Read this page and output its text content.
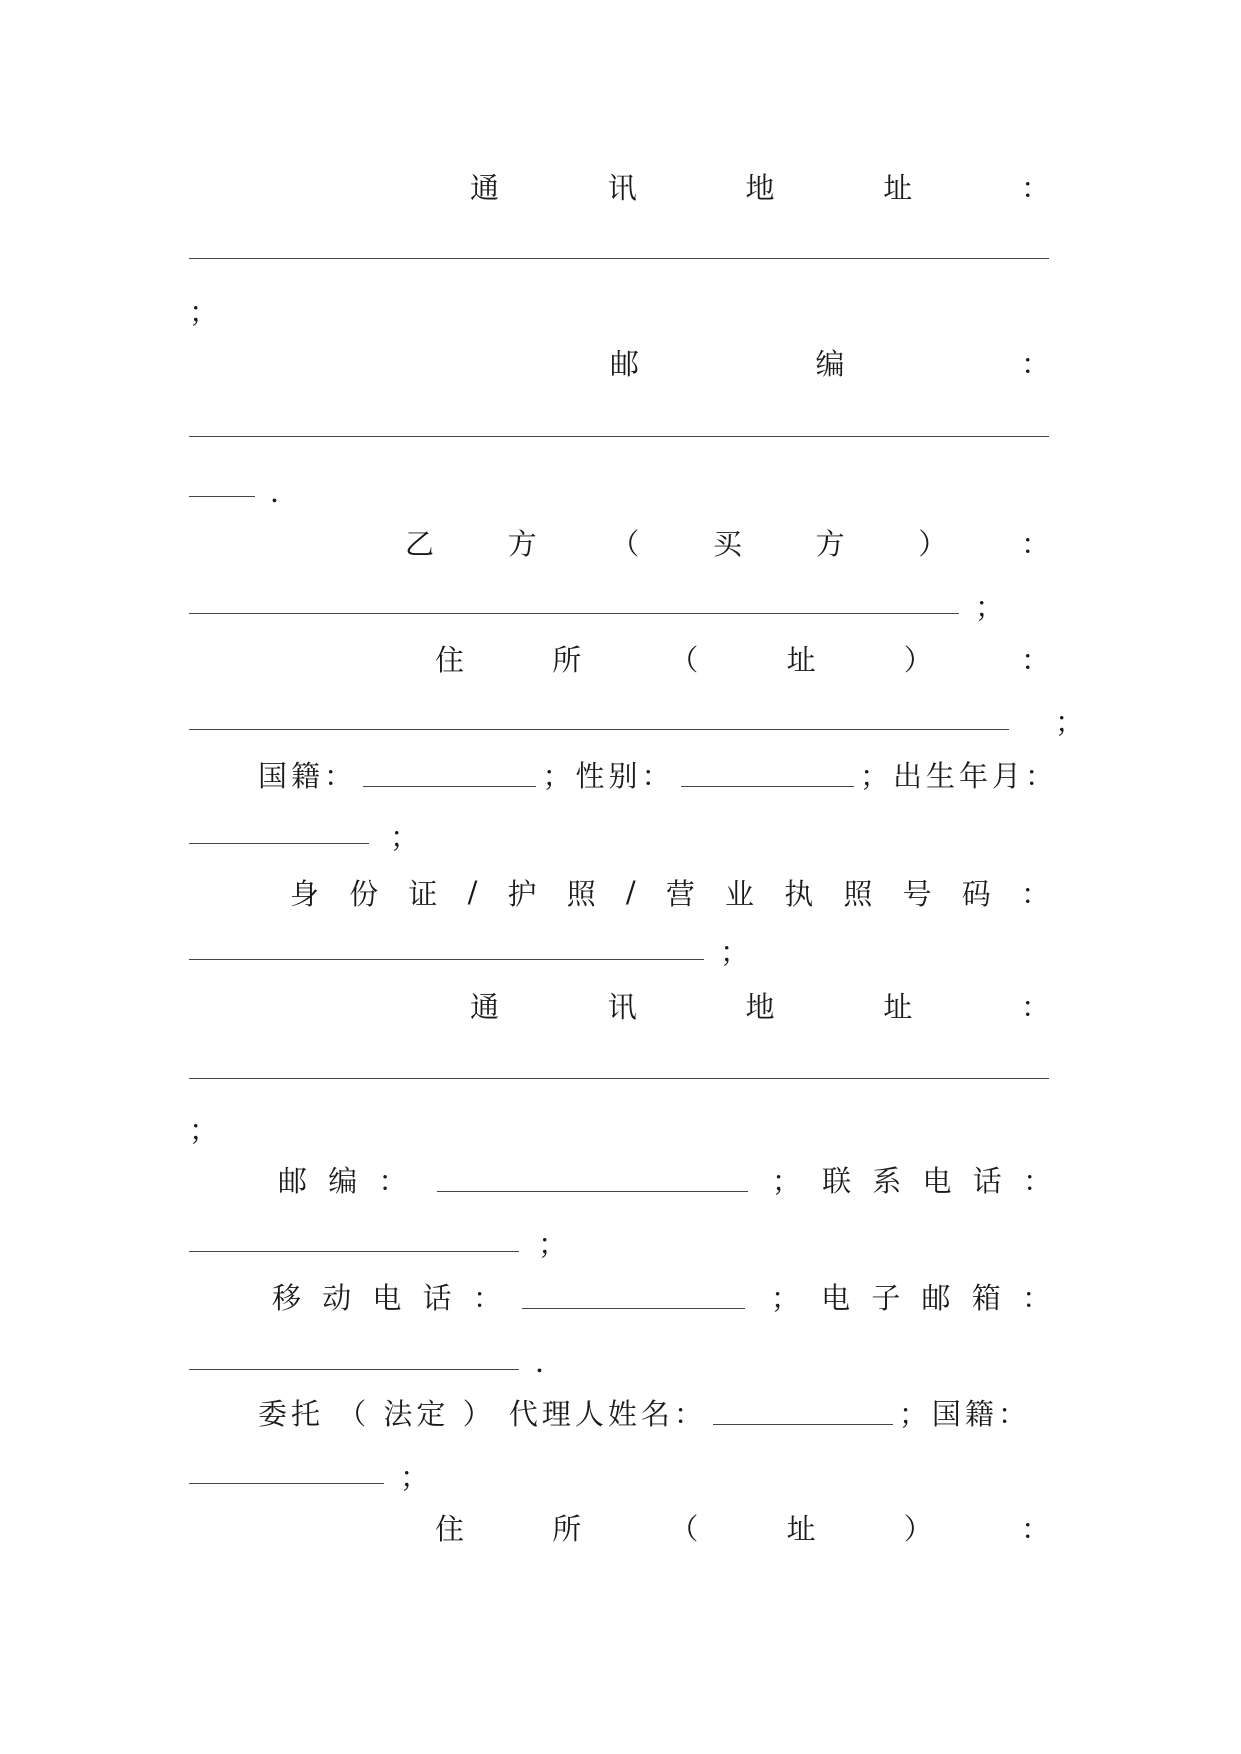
通	讯	地	址	：
；
邮	编	：
．
乙	方	（	买	方	）	：
；
住	所	（	址	）	：
；
国籍：	；性别：	；出生年月：
；
身 份 证 / 护 照 / 营 业 执 照 号 码 ：
；
通	讯	地	址	：
；
邮 编 ：	； 联 系 电 话 ：
；
移 动 电 话 ：	； 电 子 邮 箱 ：
．
委托 （ 法定 ） 代理人姓名：	；国籍：
；
住	所	（	址	）	：
